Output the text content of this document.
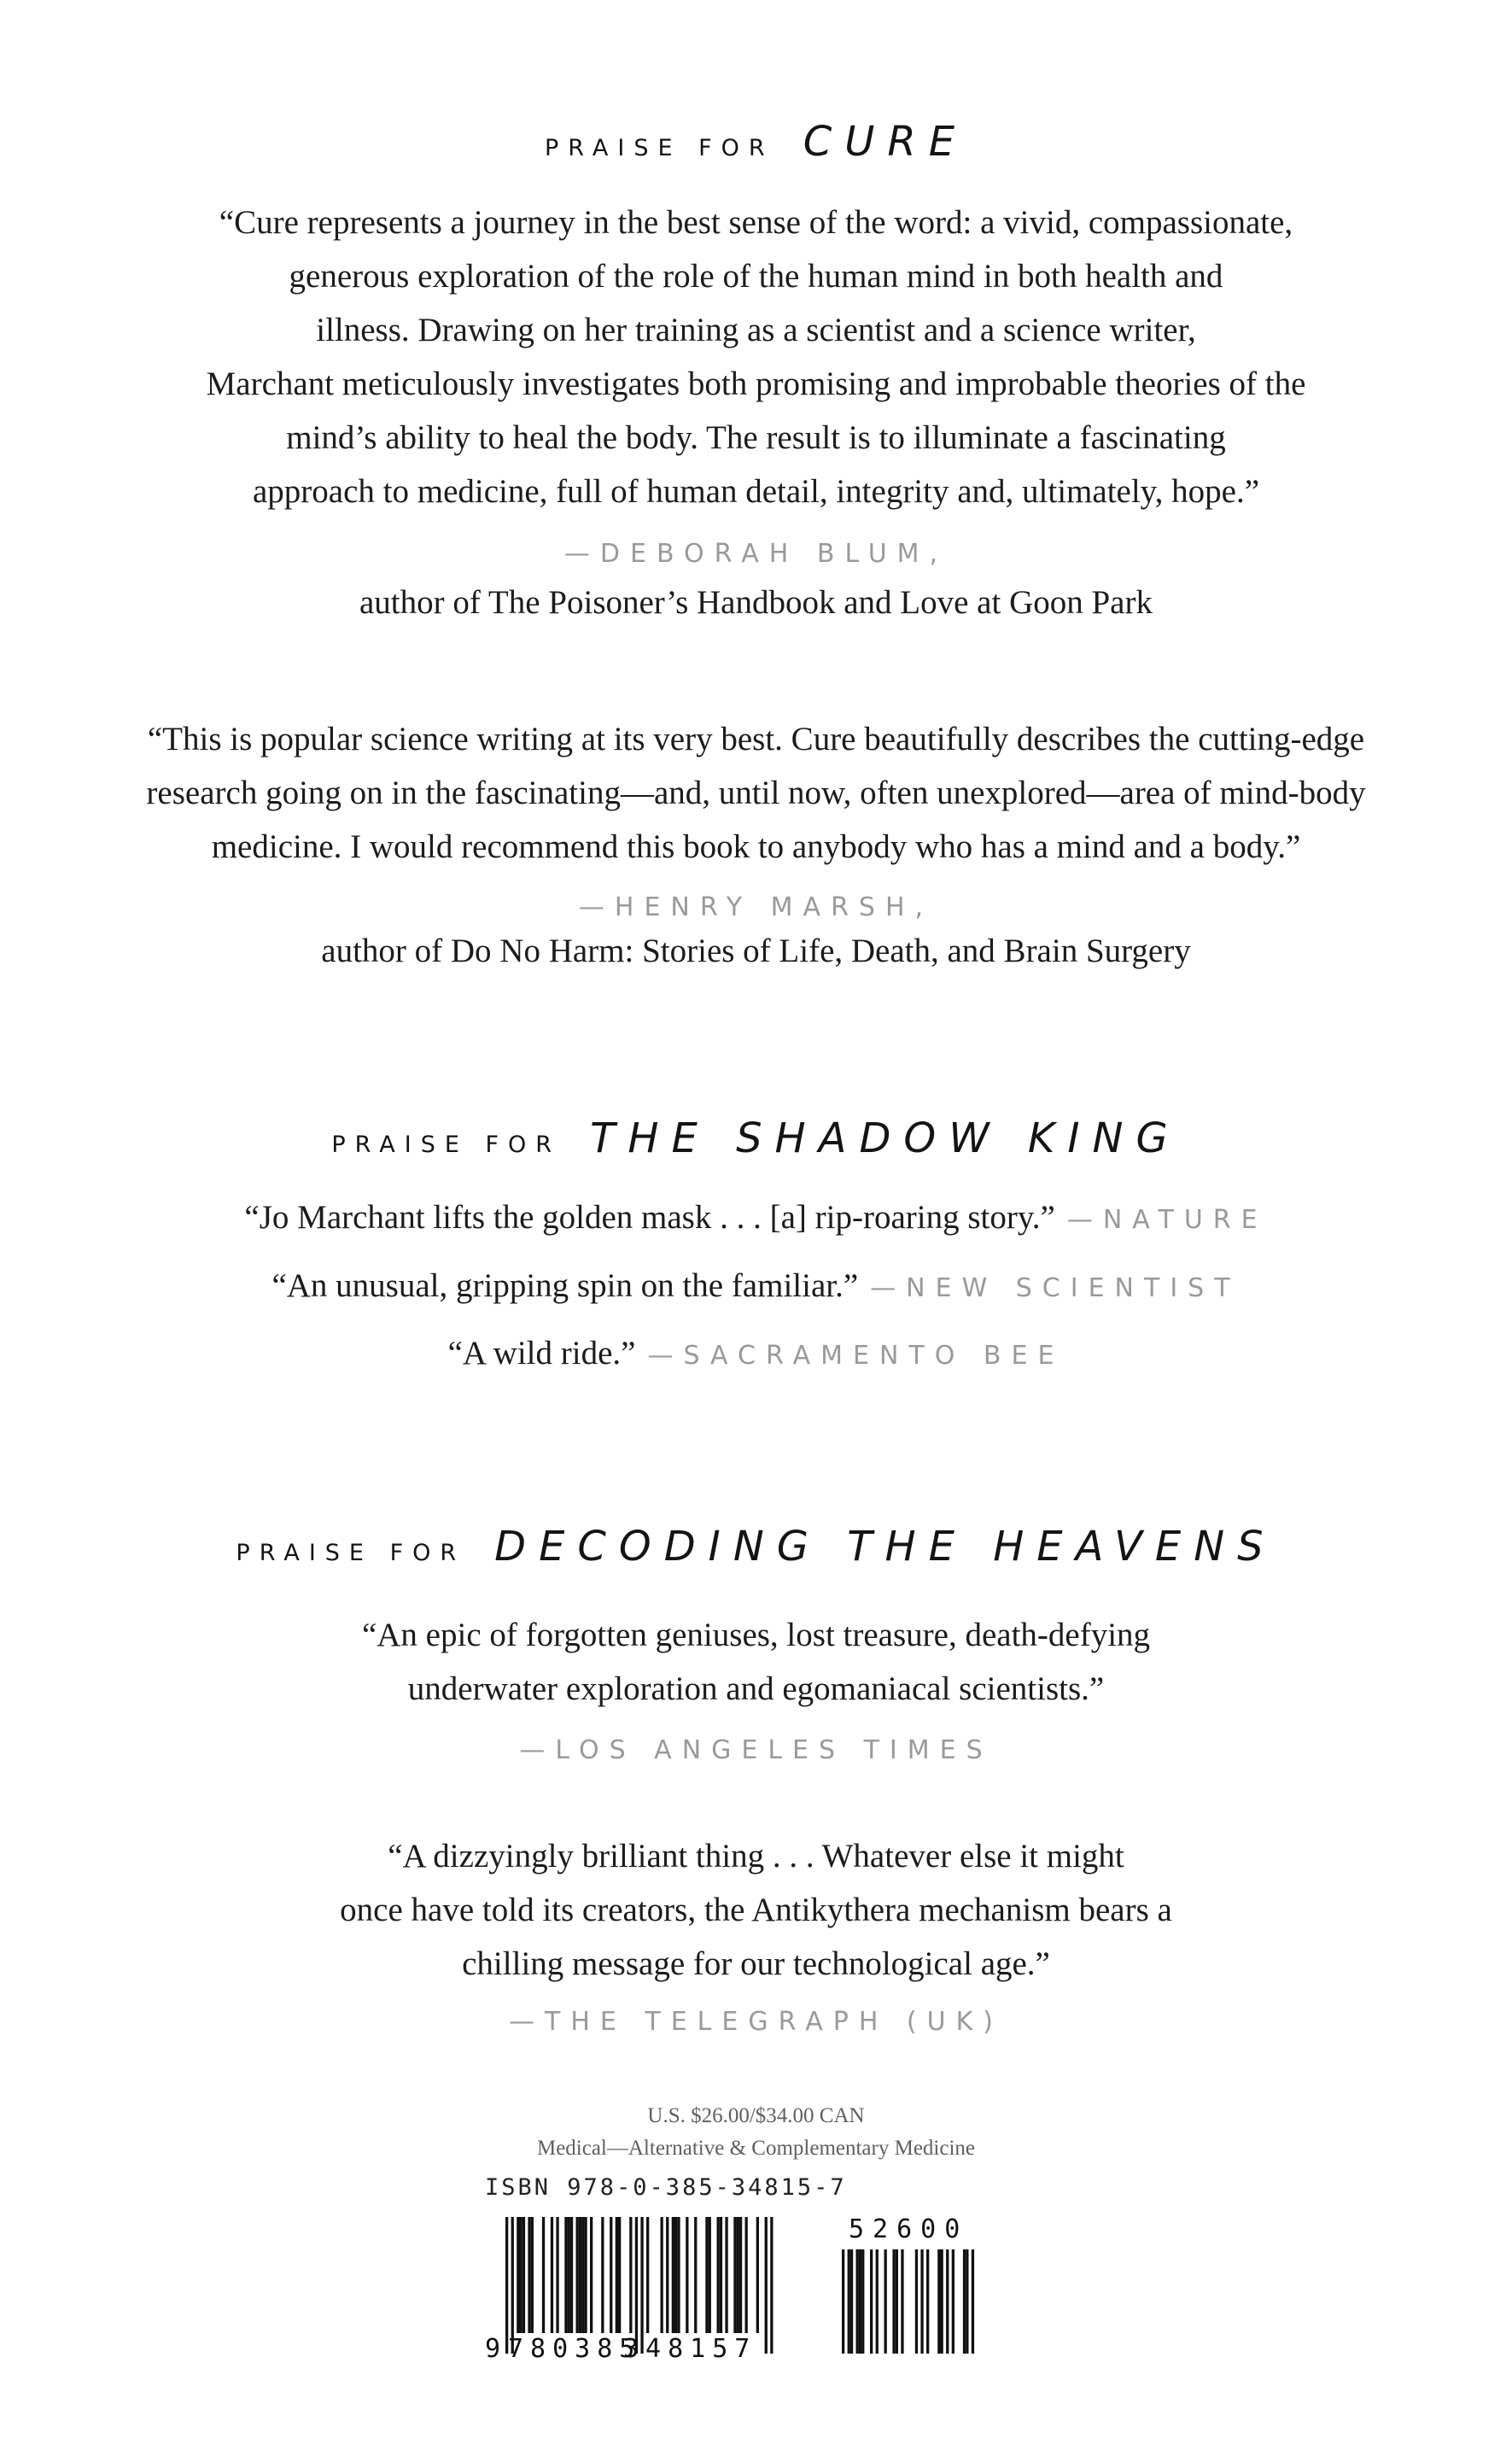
PRAISE FOR CURE
“Cure represents a journey in the best sense of the word: a vivid, compassionate,
generous exploration of the role of the human mind in both health and
illness. Drawing on her training as a scientist and a science writer,
Marchant meticulously investigates both promising and improbable theories of the
mind’s ability to heal the body. The result is to illuminate a fascinating
approach to medicine, full of human detail, integrity and, ultimately, hope.”
—DEBORAH BLUM,
author of The Poisoner’s Handbook and Love at Goon Park
“This is popular science writing at its very best. Cure beautifully describes the cutting-edge
research going on in the fascinating—and, until now, often unexplored—area of mind-body
medicine. I would recommend this book to anybody who has a mind and a body.”
—HENRY MARSH,
author of Do No Harm: Stories of Life, Death, and Brain Surgery
PRAISE FOR THE SHADOW KING
“Jo Marchant lifts the golden mask . . . [a] rip-roaring story.” —NATURE
“An unusual, gripping spin on the familiar.” —NEW SCIENTIST
“A wild ride.” —SACRAMENTO BEE
PRAISE FOR DECODING THE HEAVENS
“An epic of forgotten geniuses, lost treasure, death-defying
underwater exploration and egomaniacal scientists.”
—LOS ANGELES TIMES
“A dizzyingly brilliant thing . . . Whatever else it might
once have told its creators, the Antikythera mechanism bears a
chilling message for our technological age.”
—THE TELEGRAPH (UK)
U.S. $26.00/$34.00 CAN
Medical—Alternative & Complementary Medicine
ISBN 978-0-385-34815-7
9 780385
348157
52600
